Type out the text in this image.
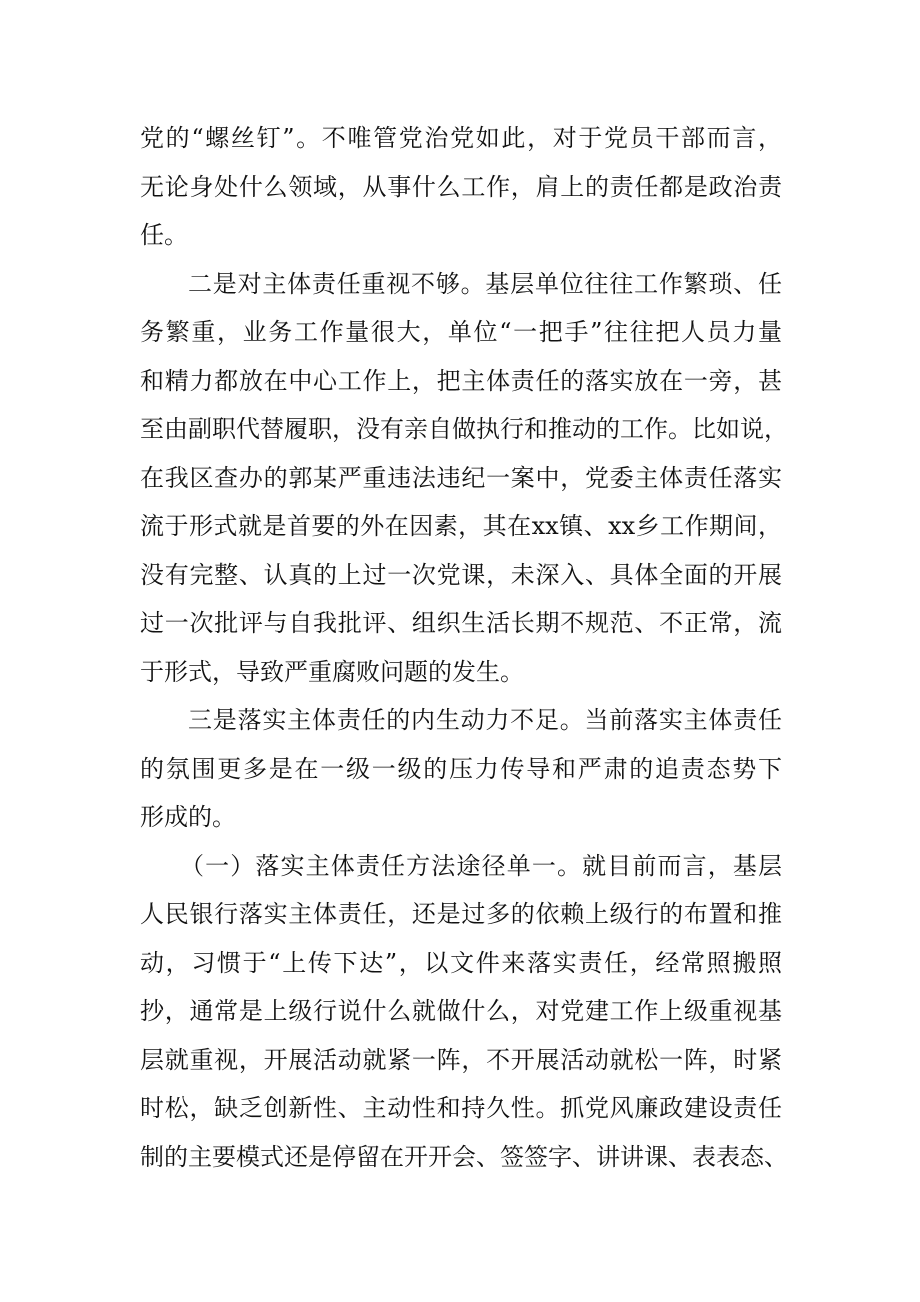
党的“螺丝钉”。不唯管党治党如此，对于党员干部而言，
无论身处什么领域，从事什么工作，肩上的责任都是政治责
任。
二是对主体责任重视不够。基层单位往往工作繁琐、任
务繁重，业务工作量很大，单位“一把手”往往把人员力量
和精力都放在中心工作上，把主体责任的落实放在一旁，甚
至由副职代替履职，没有亲自做执行和推动的工作。比如说，
在我区查办的郭某严重违法违纪一案中，党委主体责任落实
流于形式就是首要的外在因素，其在xx镇、xx乡工作期间，
没有完整、认真的上过一次党课，未深入、具体全面的开展
过一次批评与自我批评、组织生活长期不规范、不正常，流
于形式，导致严重腐败问题的发生。
三是落实主体责任的内生动力不足。当前落实主体责任
的氛围更多是在一级一级的压力传导和严肃的追责态势下
形成的。
（一）落实主体责任方法途径单一。就目前而言，基层
人民银行落实主体责任，还是过多的依赖上级行的布置和推
动，习惯于“上传下达”，以文件来落实责任，经常照搬照
抄，通常是上级行说什么就做什么，对党建工作上级重视基
层就重视，开展活动就紧一阵，不开展活动就松一阵，时紧
时松，缺乏创新性、主动性和持久性。抓党风廉政建设责任
制的主要模式还是停留在开开会、签签字、讲讲课、表表态、
